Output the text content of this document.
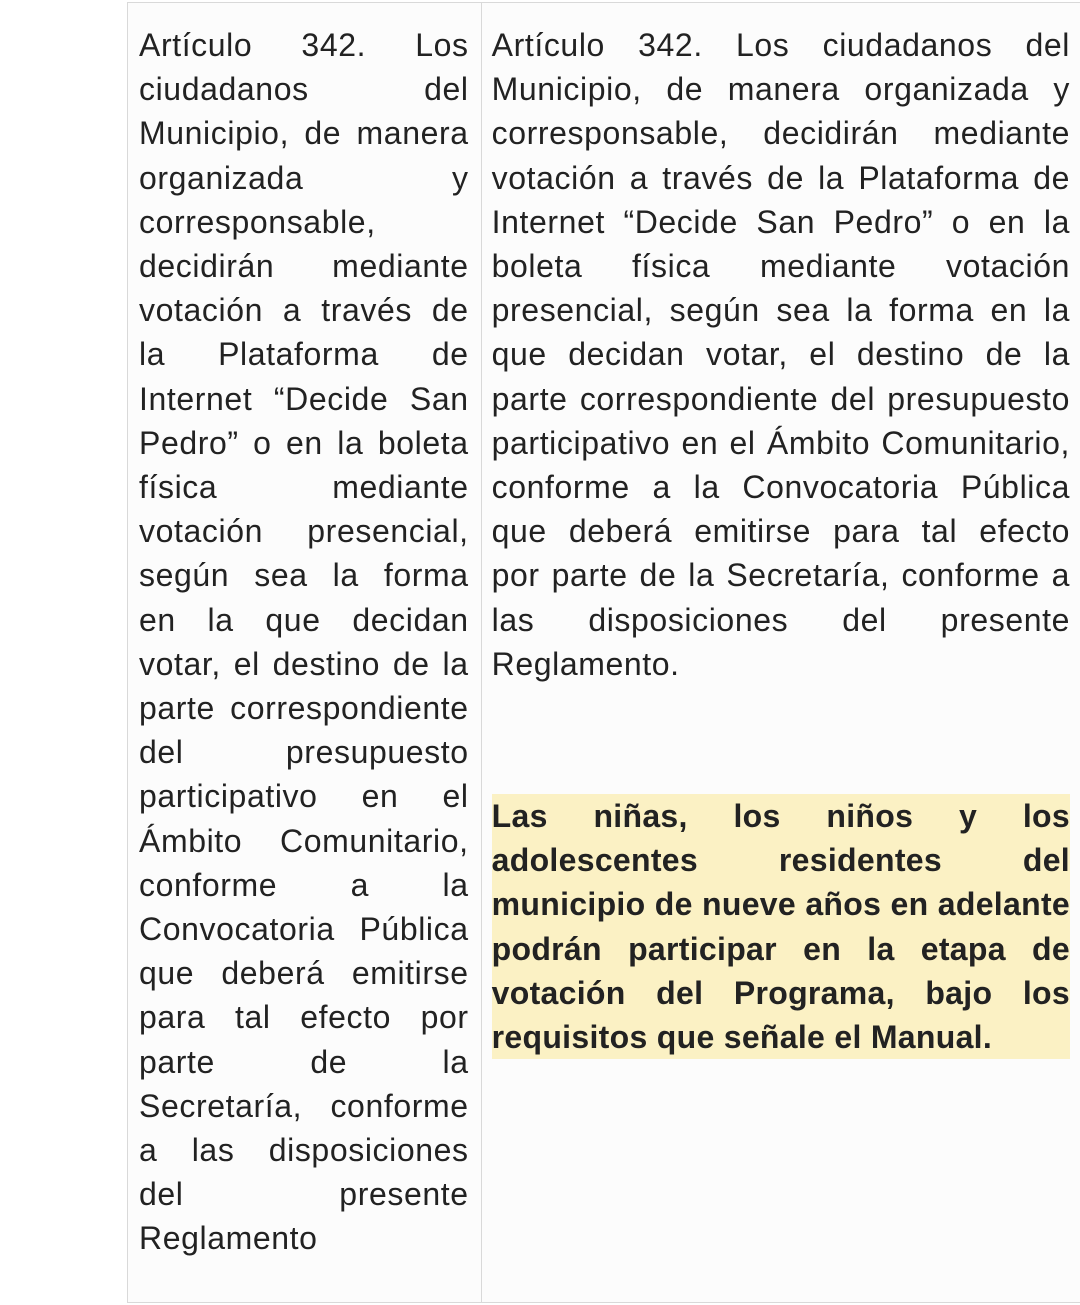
Artículo 342. Los ciudadanos del Municipio, de manera organizada y corresponsable, decidirán mediante votación a través de la Plataforma de Internet “Decide San Pedro” o en la boleta física mediante votación presencial, según sea la forma en la que decidan votar, el destino de la parte correspondiente del presupuesto participativo en el Ámbito Comunitario, conforme a la Convocatoria Pública que deberá emitirse para tal efecto por parte de la Secretaría, conforme a las disposiciones del presente Reglamento

Artículo 342. Los ciudadanos del Municipio, de manera organizada y corresponsable, decidirán mediante votación a través de la Plataforma de Internet “Decide San Pedro” o en la boleta física mediante votación presencial, según sea la forma en la que decidan votar, el destino de la parte correspondiente del presupuesto participativo en el Ámbito Comunitario, conforme a la Convocatoria Pública que deberá emitirse para tal efecto por parte de la Secretaría, conforme a las disposiciones del presente Reglamento.

Las niñas, los niños y los adolescentes residentes del municipio de nueve años en adelante podrán participar en la etapa de votación del Programa, bajo los requisitos que señale el Manual.
